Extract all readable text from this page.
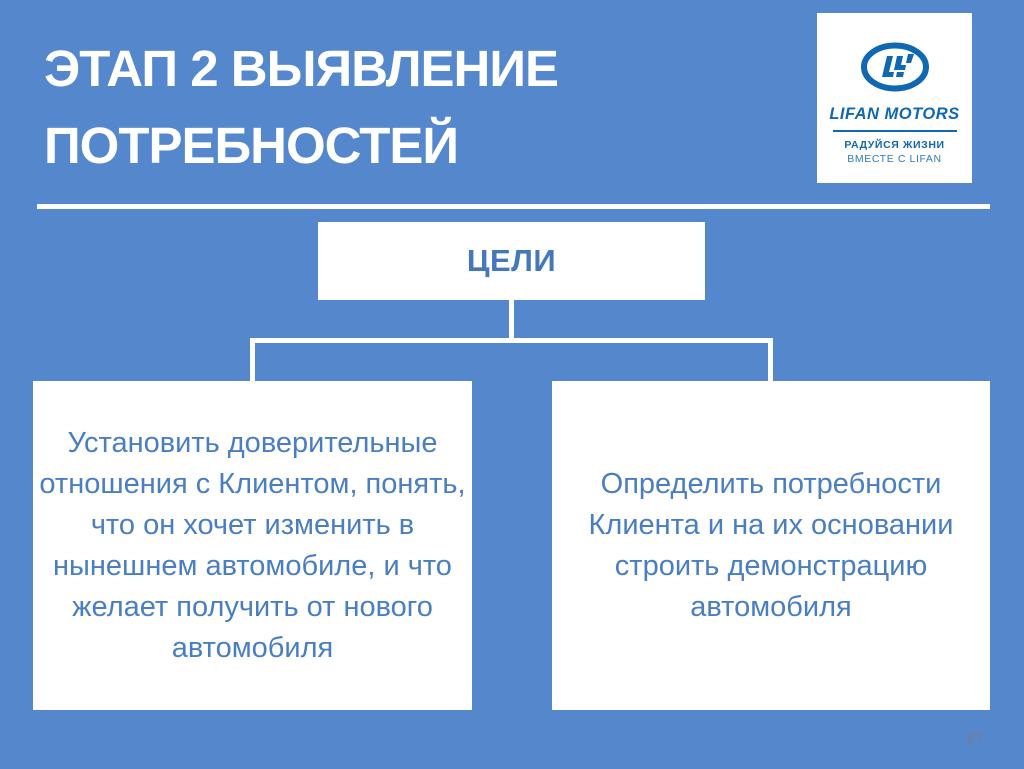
ЭТАП 2 ВЫЯВЛЕНИЕ
ПОТРЕБНОСТЕЙ
LIFAN MOTORS
РАДУЙСЯ ЖИЗНИ
ВМЕСТЕ С LIFAN
ЦЕЛИ
Установить доверительные отношения с Клиентом, понять, что он хочет изменить в нынешнем автомобиле, и что желает получить от нового автомобиля
Определить потребности Клиента и на их основании строить демонстрацию автомобиля
87
